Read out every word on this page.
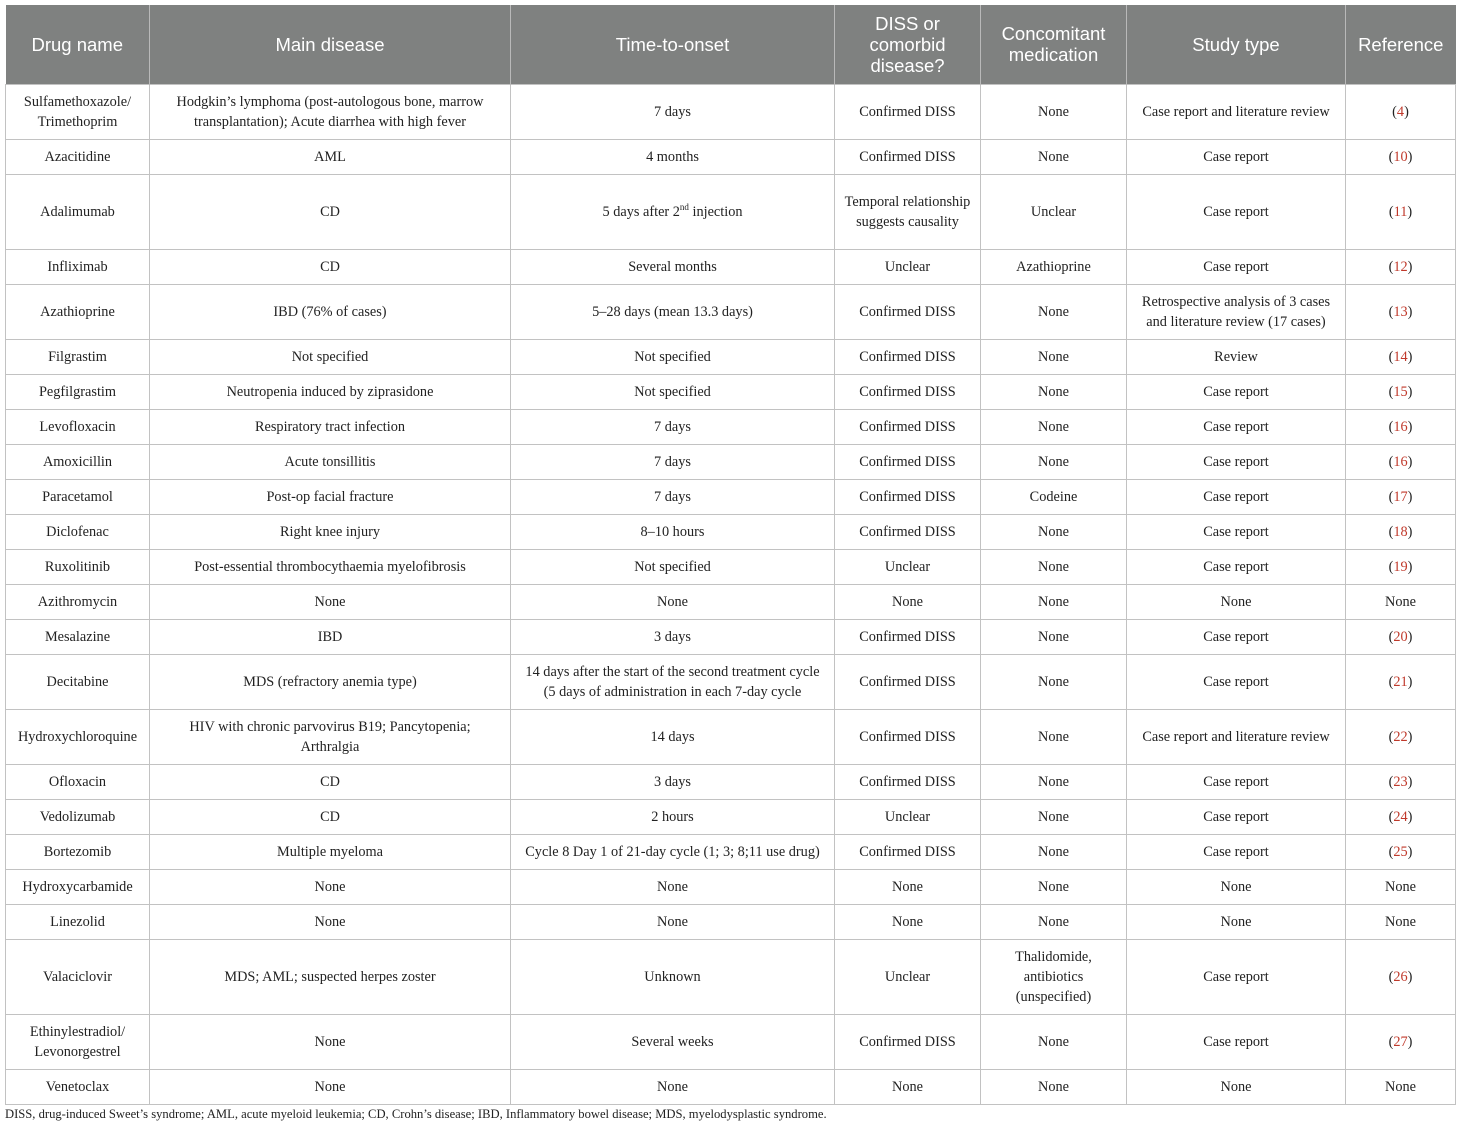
Drug name	Main disease	Time-to-onset	DISS or comorbid disease?	Concomitant medication	Study type	Reference
Sulfamethoxazole/ Trimethoprim	Hodgkin’s lymphoma (post-autologous bone, marrow transplantation); Acute diarrhea with high fever	7 days	Confirmed DISS	None	Case report and literature review	(4)
Azacitidine	AML	4 months	Confirmed DISS	None	Case report	(10)
Adalimumab	CD	5 days after 2nd injection	Temporal relationship suggests causality	Unclear	Case report	(11)
Infliximab	CD	Several months	Unclear	Azathioprine	Case report	(12)
Azathioprine	IBD (76% of cases)	5–28 days (mean 13.3 days)	Confirmed DISS	None	Retrospective analysis of 3 cases and literature review (17 cases)	(13)
Filgrastim	Not specified	Not specified	Confirmed DISS	None	Review	(14)
Pegfilgrastim	Neutropenia induced by ziprasidone	Not specified	Confirmed DISS	None	Case report	(15)
Levofloxacin	Respiratory tract infection	7 days	Confirmed DISS	None	Case report	(16)
Amoxicillin	Acute tonsillitis	7 days	Confirmed DISS	None	Case report	(16)
Paracetamol	Post-op facial fracture	7 days	Confirmed DISS	Codeine	Case report	(17)
Diclofenac	Right knee injury	8–10 hours	Confirmed DISS	None	Case report	(18)
Ruxolitinib	Post-essential thrombocythaemia myelofibrosis	Not specified	Unclear	None	Case report	(19)
Azithromycin	None	None	None	None	None	None
Mesalazine	IBD	3 days	Confirmed DISS	None	Case report	(20)
Decitabine	MDS (refractory anemia type)	14 days after the start of the second treatment cycle (5 days of administration in each 7-day cycle	Confirmed DISS	None	Case report	(21)
Hydroxychloroquine	HIV with chronic parvovirus B19; Pancytopenia; Arthralgia	14 days	Confirmed DISS	None	Case report and literature review	(22)
Ofloxacin	CD	3 days	Confirmed DISS	None	Case report	(23)
Vedolizumab	CD	2 hours	Unclear	None	Case report	(24)
Bortezomib	Multiple myeloma	Cycle 8 Day 1 of 21-day cycle (1; 3; 8;11 use drug)	Confirmed DISS	None	Case report	(25)
Hydroxycarbamide	None	None	None	None	None	None
Linezolid	None	None	None	None	None	None
Valaciclovir	MDS; AML; suspected herpes zoster	Unknown	Unclear	Thalidomide, antibiotics (unspecified)	Case report	(26)
Ethinylestradiol/ Levonorgestrel	None	Several weeks	Confirmed DISS	None	Case report	(27)
Venetoclax	None	None	None	None	None	None
DISS, drug-induced Sweet’s syndrome; AML, acute myeloid leukemia; CD, Crohn’s disease; IBD, Inflammatory bowel disease; MDS, myelodysplastic syndrome.
